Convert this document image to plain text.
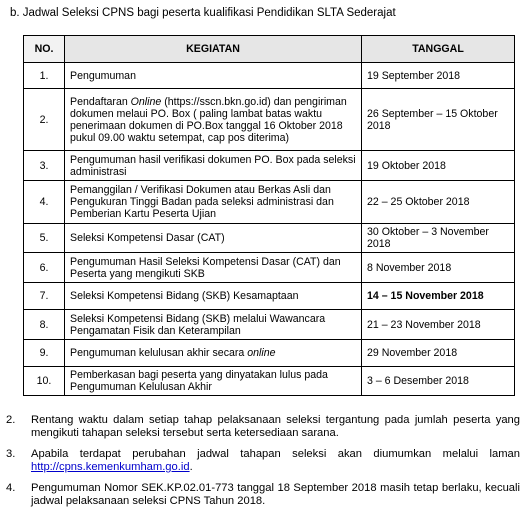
b. Jadwal Seleksi CPNS bagi peserta kualifikasi Pendidikan SLTA Sederajat
NO.	KEGIATAN	TANGGAL
1.	Pengumuman	19 September 2018
2.	Pendaftaran Online (https://sscn.bkn.go.id) dan pengiriman dokumen melaui PO. Box ( paling lambat batas waktu penerimaan dokumen di PO.Box tanggal 16 Oktober 2018 pukul 09.00 waktu setempat, cap pos diterima)	26 September – 15 Oktober 2018
3.	Pengumuman hasil verifikasi dokumen PO. Box pada seleksi administrasi	19 Oktober 2018
4.	Pemanggilan / Verifikasi Dokumen atau Berkas Asli dan Pengukuran Tinggi Badan pada seleksi administrasi dan Pemberian Kartu Peserta Ujian	22 – 25 Oktober 2018
5.	Seleksi Kompetensi Dasar (CAT)	30 Oktober – 3 November 2018
6.	Pengumuman Hasil Seleksi Kompetensi Dasar (CAT) dan Peserta yang mengikuti SKB	8 November 2018
7.	Seleksi Kompetensi Bidang (SKB) Kesamaptaan	14 – 15 November 2018
8.	Seleksi Kompetensi Bidang (SKB) melalui Wawancara Pengamatan Fisik dan Keterampilan	21 – 23 November 2018
9.	Pengumuman kelulusan akhir secara online	29 November 2018
10.	Pemberkasan bagi peserta yang dinyatakan lulus pada Pengumuman Kelulusan Akhir	3 – 6 Desember 2018
2.	Rentang waktu dalam setiap tahap pelaksanaan seleksi tergantung pada jumlah peserta yang mengikuti tahapan seleksi tersebut serta ketersediaan sarana.
3.	Apabila terdapat perubahan jadwal tahapan seleksi akan diumumkan melalui laman http://cpns.kemenkumham.go.id.
4.	Pengumuman Nomor SEK.KP.02.01-773 tanggal 18 September 2018 masih tetap berlaku, kecuali jadwal pelaksanaan seleksi CPNS Tahun 2018.
